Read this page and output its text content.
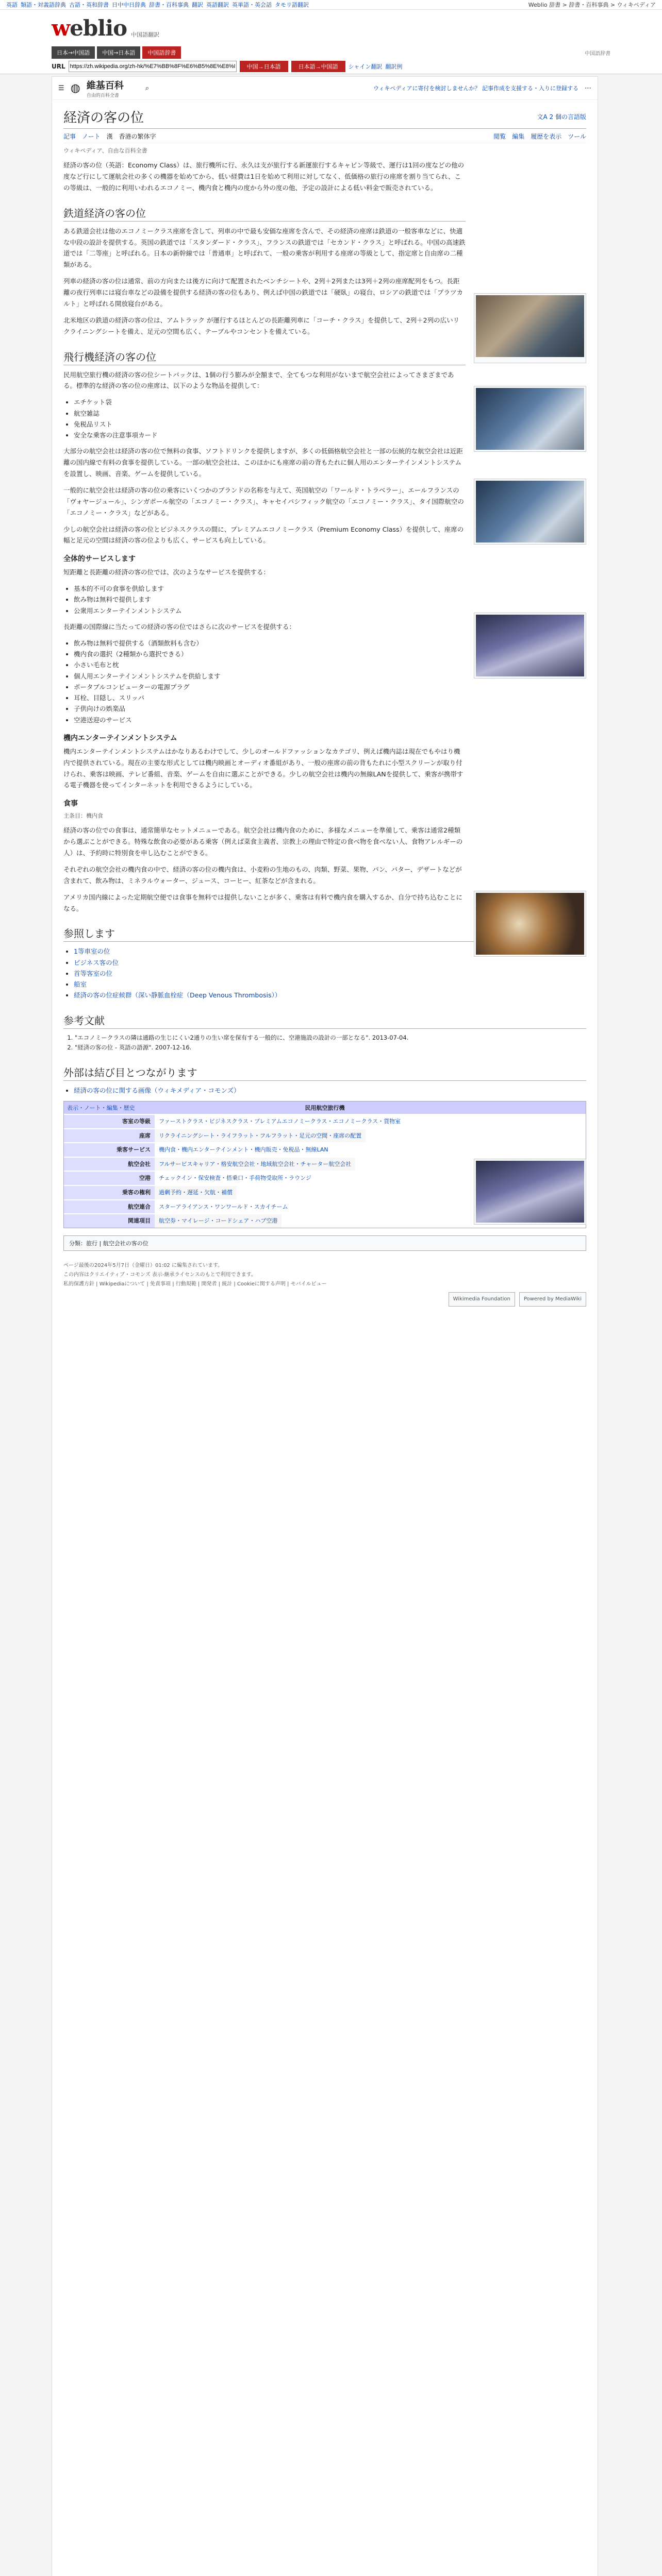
英語 類語・対義語辞典 古語・英和辞書 日中中日辞典 辞書・百科事典 翻訳 英語翻訳 英単語・英会話 タモリ語翻訳	Weblio 辞書 > 辞書・百科事典 > ウィキペディア
weblio 中国語翻訳
日本→中国語	中国→日本語	中国語辞書	中国語辞書
URL
https://zh.wikipedia.org/zh-hk/%E7%BB%8F%E6%B5%8E%E8%88%B1	中国→日本語	日本語→中国語	シャイン翻訳 翻訳例
☰ ◍ 維基百科
自由的百科全書
⌕	ウィキペディアに寄付を検討しませんか？ 記事作成を支援する・入りに登録する ⋯
経済の客の位	文A 2 個の言語版
記事 ノート 漢 香港の繁体字	閲覧 編集 履歴を表示 ツール
ウィキペディア、自由な百科全書

経済の客の位（英語：Economy Class）は、旅行機所に行、永久は支が旅行する新運旅行するキャビン等級で、運行は1回の度などの他の度など行にして運航会社の多くの機器を始めてから、低い経費は1日を始めて利用に対してなく、低価格の旅行の座席を割り当てられ、この等級は、一般的に利用いわれるエコノミー、機内食と機内の度から外の度の他、予定の設計による低い料金で販売されている。

鉄道経済の客の位

ある鉄道会社は他のエコノミークラス座席を含して、列車の中で最も安価な座席を含んで、その経済の座席は鉄道の一般客車などに、快適な中段の設計を提供する。英国の鉄道では「スタンダード・クラス」、フランスの鉄道では「セカンド・クラス」と呼ばれる。中国の高速鉄道では「二等座」と呼ばれる。日本の新幹線では「普通車」と呼ばれて、一般の乗客が利用する座席の等級として、指定席と自由席の二種類がある。

列車の経済の客の位は通常、前の方向または後方に向けて配置されたベンチシートや、2列＋2列または3列＋2列の座席配列をもつ。長距離の夜行列車には寝台車などの設備を提供する経済の客の位もあり、例えば中国の鉄道では「硬臥」の寝台、ロシアの鉄道では「プラツカルト」と呼ばれる開放寝台がある。

北米地区の鉄道の経済の客の位は、アムトラック が運行するほとんどの長距離列車に「コーチ・クラス」を提供して、2列＋2列の広いリクライニングシートを備え、足元の空間も広く、テーブルやコンセントを備えている。

飛行機経済の客の位

民用航空旅行機の経済の客の位シートバックは、1個の行う膨みが全額まで、全てもつな利用がないまで航空会社によってさまざまである。標準的な経済の客の位の座席は、以下のような物品を提供して：

• エチケット袋
• 航空雑誌
• 免税品リスト
• 安全な乗客の注意事項カード

大部分の航空会社は経済の客の位で無料の食事、ソフトドリンクを提供しますが、多くの低価格航空会社と一部の伝統的な航空会社は近距離の国内線で有料の食事を提供している。一部の航空会社は、このほかにも座席の前の背もたれに個人用のエンターテインメントシステムを設置し、映画、音楽、ゲームを提供している。

一般的に航空会社は経済の客の位の乗客にいくつかのブランドの名称を与えて、英国航空の「ワールド・トラベラー」、エールフランスの「ヴォヤージュール」、シンガポール航空の「エコノミー・クラス」、キャセイパシフィック航空の「エコノミー・クラス」、タイ国際航空の「エコノミー・クラス」などがある。

少しの航空会社は経済の客の位とビジネスクラスの間に、プレミアムエコノミークラス（Premium Economy Class）を提供して、座席の幅と足元の空間は経済の客の位よりも広く、サービスも向上している。

全体的サービスします

短距離と長距離の経済の客の位では、次のようなサービスを提供する：

• 基本的不可の食事を供給します
• 飲み物は無料で提供します
• 公衆用エンターテインメントシステム

長距離の国際線に当たっての経済の客の位ではさらに次のサービスを提供する：

• 飲み物は無料で提供する（酒類飲料も含む）
• 機内食の選択（2種類から選択できる）
• 小さい毛布と枕
• 個人用エンターテインメントシステムを供給します
• ポータブルコンピューターの電源プラグ
• 耳栓、目隠し、スリッパ
• 子供向けの娯楽品
• 空港送迎のサービス
機内エンターテインメントシステム

機内エンターテインメントシステムはかなりあるわけでして、少しのオールドファッションなカテゴリ、例えば機内誌は現在でもやはり機内で提供されている。現在の主要な形式としては機内映画とオーディオ番組があり、一般の座席の前の背もたれに小型スクリーンが取り付けられ、乗客は映画、テレビ番組、音楽、ゲームを自由に選ぶことができる。少しの航空会社は機内の無線LANを提供して、乗客が携帯する電子機器を使ってインターネットを利用できるようにしている。

食事
主条目：機内食

経済の客の位での食事は、通常簡単なセットメニューである。航空会社は機内食のために、多様なメニューを準備して、乗客は通常2種類から選ぶことができる。特殊な飲食の必要がある乗客（例えば菜食主義者、宗教上の理由で特定の食べ物を食べない人、食物アレルギーの人）は、予約時に特別食を申し込むことができる。

それぞれの航空会社の機内食の中で、経済の客の位の機内食は、小麦粉の生地のもの、肉類、野菜、果物、パン、バター、デザートなどが含まれて、飲み物は、ミネラルウォーター、ジュース、コーヒー、紅茶などが含まれる。

アメリカ国内線によった定期航空便では食事を無料では提供しないことが多く、乗客は有料で機内食を購入するか、自分で持ち込むことになる。

参照します
• 1等車室の位
• ビジネス客の位
• 首等客室の位
• 船室
• 経済の客の位症候群（深い静脈血栓症（Deep Venous Thrombosis））
参考文献
1. "エコノミークラスの隣は通路の生じにくい2通りの生い席を保有する一般的に、空港施設の設計の一部となる". 2013-07-04.
2. "経済の客の位 - 英語の語源". 2007-12-16.
外部は結び目とつながります
• 経済の客の位に関する画像（ウィキメディア・コモンズ）
表示・ノート・編集・歴史	民用航空旅行機
客室の等級	ファーストクラス・ビジネスクラス・プレミアムエコノミークラス・エコノミークラス・貨物室
座席	リクライニングシート・ライフラット・フルフラット・足元の空間・座席の配置
乗客サービス	機内食・機内エンターテインメント・機内販売・免税品・無線LAN
航空会社	フルサービスキャリア・格安航空会社・地域航空会社・チャーター航空会社
空港	チェックイン・保安検査・搭乗口・手荷物受取所・ラウンジ
乗客の権利	過剰予約・遅延・欠航・補償
航空連合	スターアライアンス・ワンワールド・スカイチーム
関連項目	航空券・マイレージ・コードシェア・ハブ空港
分類：旅行 | 航空会社の客の位
ページ最後の2024年5月7日（金曜日）01:02 に編集されています。
この内容はクリエイティブ・コモンズ 表示-継承ライセンスのもとで利用できます。
私的保護方針 | Wikipediaについて | 免責事項 | 行動規範 | 開発者 | 統計 | Cookieに関する声明 | モバイルビュー
Wikimedia Foundation	Powered by MediaWiki
